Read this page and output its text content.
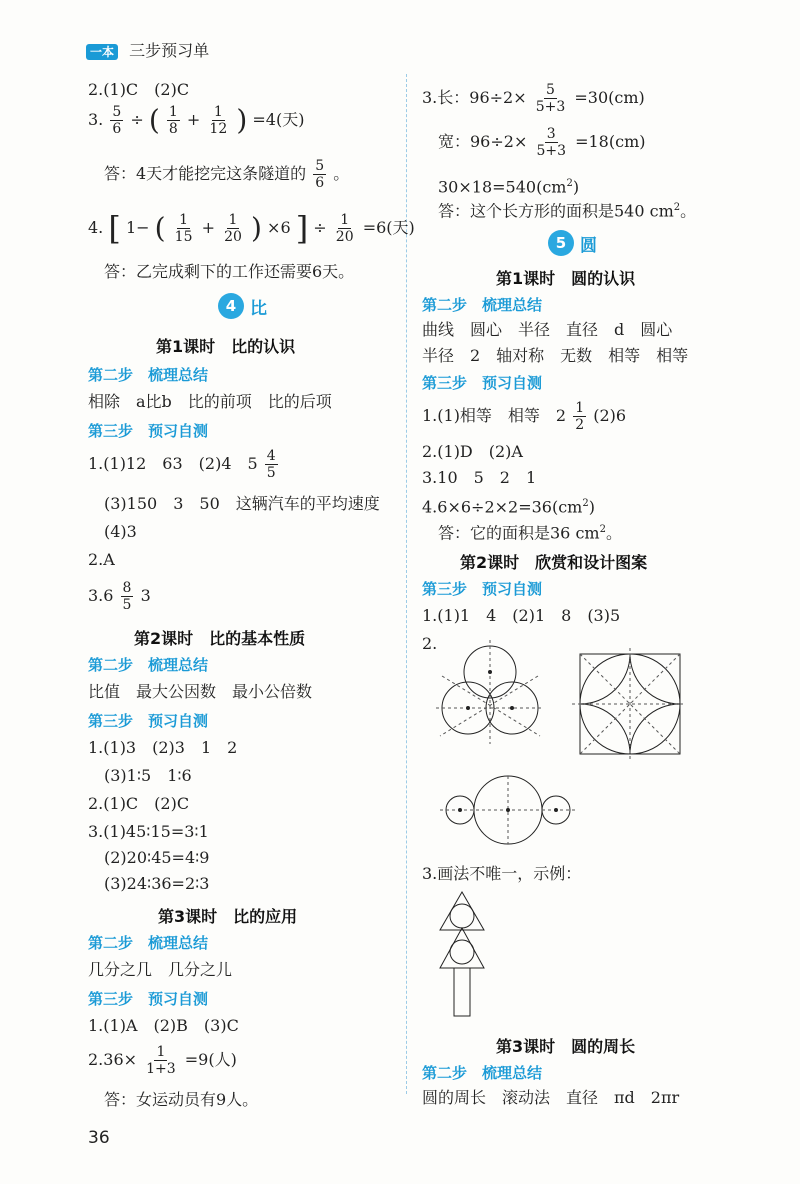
一本 三步预习单
2.(1)C　(2)C
3. $\frac{5}{6}$ ÷ ( $\frac{1}{8} + \frac{1}{12}$ ) =4(天)
答：4天才能挖完这条隧道的 $\frac{5}{6}$ 。
4. [ 1− ( $\frac{1}{15} + \frac{1}{20}$ ) ×6 ] ÷ $\frac{1}{20} =6$(天)
答：乙完成剩下的工作还需要6天。
4 比
第1课时　比的认识
第二步　梳理总结
相除　a比b　比的前项　比的后项
第三步　预习自测
1.(1)12　63　(2)4　$5 \frac{4}{5}$
(3)150　3　50　这辆汽车的平均速度
(4)3
2.A
$3.6 \frac{8}{5} 3$
第2课时　比的基本性质
第二步　梳理总结
比值　最大公因数　最小公倍数
第三步　预习自测
1.(1)3　(2)3　1　2
(3)1∶5　1∶6
2.(1)C　(2)C
3.(1)45∶15=3∶1
(2)20∶45=4∶9
(3)24∶36=2∶3
第3课时　比的应用
第二步　梳理总结
几分之几　几分之儿
第三步　预习自测
1.(1)A　(2)B　(3)C
$2.36\times \frac{1}{1+3} =9$(人)
答：女运动员有9人。
36
3.长：$96\div 2\times \frac{5}{5+3} =30(cm)$
宽：$96\div 2\times \frac{3}{5+3} =18(cm)$
$30\times 18=540(cm^2)$
答：这个长方形的面积是540 $cm^2$。
5 圆
第1课时　圆的认识
第二步　梳理总结
曲线　圆心　半径　直径　d　圆心
半径　2　轴对称　无数　相等　相等
第三步　预习自测
1.(1)相等　相等　$2 \frac{1}{2} (2)6$
2.(1)D　(2)A
3.10　5　2　1
$4.6\times 6\div 2\times 2=36(cm^2)$
答：它的面积是36 $cm^2$。
第2课时　欣赏和设计图案
第三步　预习自测
1.(1)1　4　(2)1　8　(3)5
2.
3.画法不唯一，示例：
第3课时　圆的周长
第二步　梳理总结
圆的周长　滚动法　直径　πd　2πr
